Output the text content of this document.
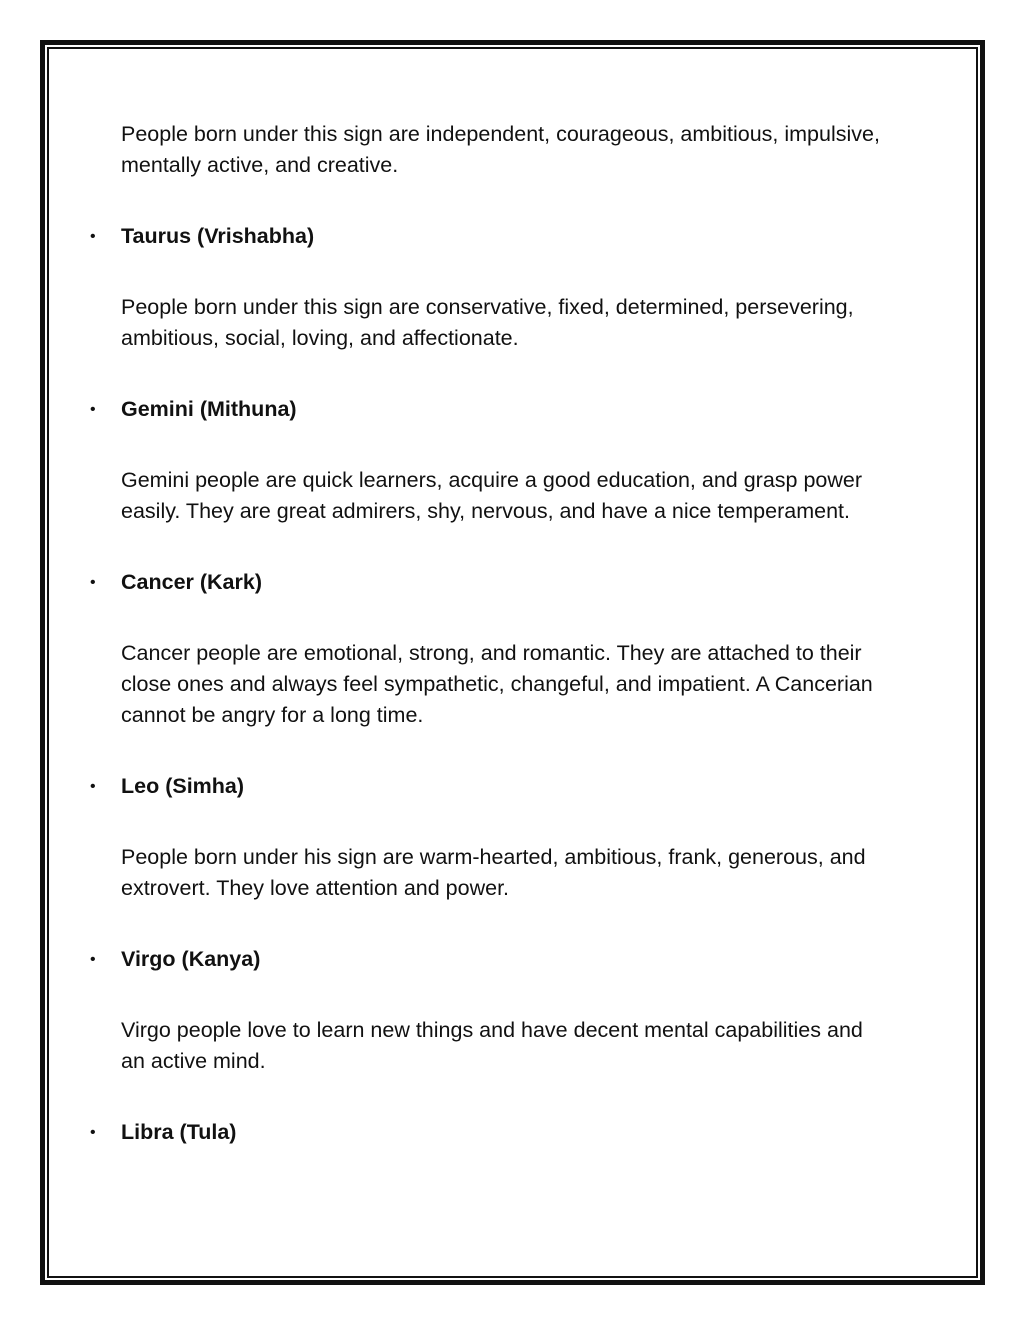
People born under this sign are independent, courageous, ambitious, impulsive, mentally active, and creative.

• Taurus (Vrishabha)

People born under this sign are conservative, fixed, determined, persevering, ambitious, social, loving, and affectionate.

• Gemini (Mithuna)

Gemini people are quick learners, acquire a good education, and grasp power easily. They are great admirers, shy, nervous, and have a nice temperament.

• Cancer (Kark)

Cancer people are emotional, strong, and romantic. They are attached to their close ones and always feel sympathetic, changeful, and impatient. A Cancerian cannot be angry for a long time.

• Leo (Simha)

People born under his sign are warm-hearted, ambitious, frank, generous, and extrovert. They love attention and power.

• Virgo (Kanya)

Virgo people love to learn new things and have decent mental capabilities and an active mind.

• Libra (Tula)
